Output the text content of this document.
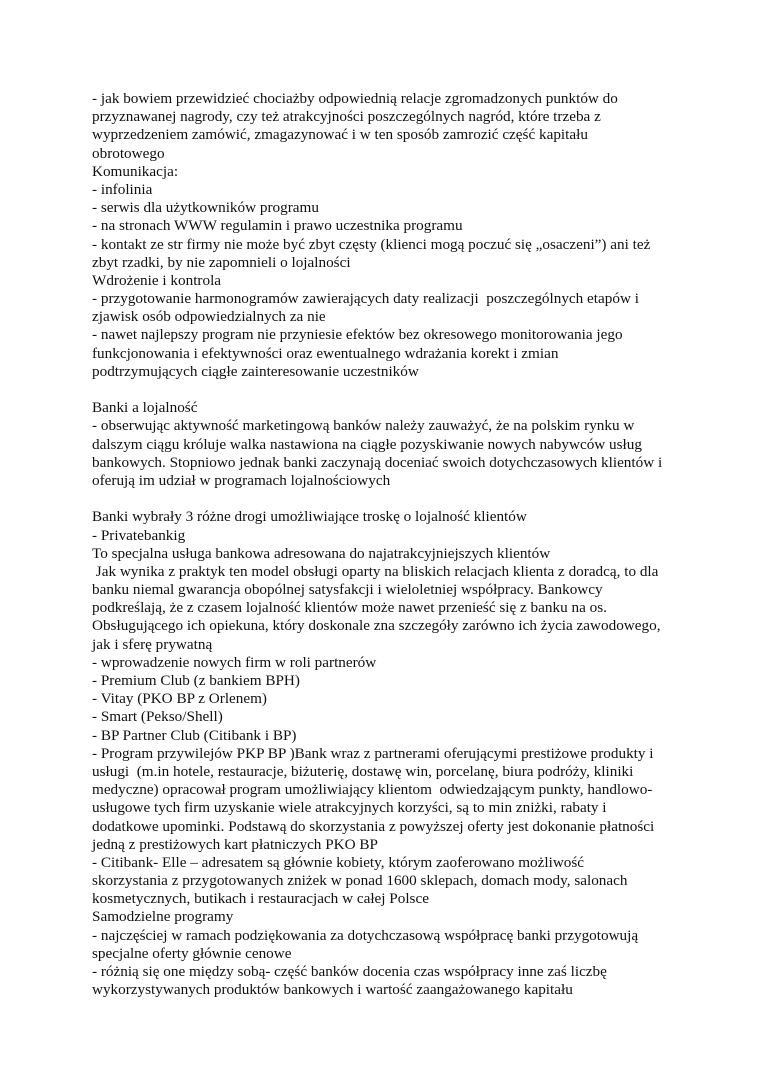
- jak bowiem przewidzieć chociażby odpowiednią relacje zgromadzonych punktów do
przyznawanej nagrody, czy też atrakcyjności poszczególnych nagród, które trzeba z
wyprzedzeniem zamówić, zmagazynować i w ten sposób zamrozić część kapitału
obrotowego
Komunikacja:
- infolinia
- serwis dla użytkowników programu
- na stronach WWW regulamin i prawo uczestnika programu
- kontakt ze str firmy nie może być zbyt częsty (klienci mogą poczuć się „osaczeni”) ani też
zbyt rzadki, by nie zapomnieli o lojalności
Wdrożenie i kontrola
- przygotowanie harmonogramów zawierających daty realizacji  poszczególnych etapów i
zjawisk osób odpowiedzialnych za nie
- nawet najlepszy program nie przyniesie efektów bez okresowego monitorowania jego
funkcjonowania i efektywności oraz ewentualnego wdrażania korekt i zmian
podtrzymujących ciągłe zainteresowanie uczestników
Banki a lojalność
- obserwując aktywność marketingową banków należy zauważyć, że na polskim rynku w
dalszym ciągu króluje walka nastawiona na ciągłe pozyskiwanie nowych nabywców usług
bankowych. Stopniowo jednak banki zaczynają doceniać swoich dotychczasowych klientów i
oferują im udział w programach lojalnościowych
Banki wybrały 3 różne drogi umożliwiające troskę o lojalność klientów
- Privatebankig
To specjalna usługa bankowa adresowana do najatrakcyjniejszych klientów
Jak wynika z praktyk ten model obsługi oparty na bliskich relacjach klienta z doradcą, to dla
banku niemal gwarancja obopólnej satysfakcji i wieloletniej współpracy. Bankowcy
podkreślają, że z czasem lojalność klientów może nawet przenieść się z banku na os.
Obsługującego ich opiekuna, który doskonale zna szczegóły zarówno ich życia zawodowego,
jak i sferę prywatną
- wprowadzenie nowych firm w roli partnerów
- Premium Club (z bankiem BPH)
- Vitay (PKO BP z Orlenem)
- Smart (Pekso/Shell)
- BP Partner Club (Citibank i BP)
- Program przywilejów PKP BP )Bank wraz z partnerami oferującymi prestiżowe produkty i
usługi  (m.in hotele, restauracje, biżuterię, dostawę win, porcelanę, biura podróży, kliniki
medyczne) opracował program umożliwiający klientom  odwiedzającym punkty, handlowo-
usługowe tych firm uzyskanie wiele atrakcyjnych korzyści, są to min zniżki, rabaty i
dodatkowe upominki. Podstawą do skorzystania z powyższej oferty jest dokonanie płatności
jedną z prestiżowych kart płatniczych PKO BP
- Citibank- Elle – adresatem są głównie kobiety, którym zaoferowano możliwość
skorzystania z przygotowanych zniżek w ponad 1600 sklepach, domach mody, salonach
kosmetycznych, butikach i restauracjach w całej Polsce
Samodzielne programy
- najczęściej w ramach podziękowania za dotychczasową współpracę banki przygotowują
specjalne oferty głównie cenowe
- różnią się one między sobą- część banków docenia czas współpracy inne zaś liczbę
wykorzystywanych produktów bankowych i wartość zaangażowanego kapitału
